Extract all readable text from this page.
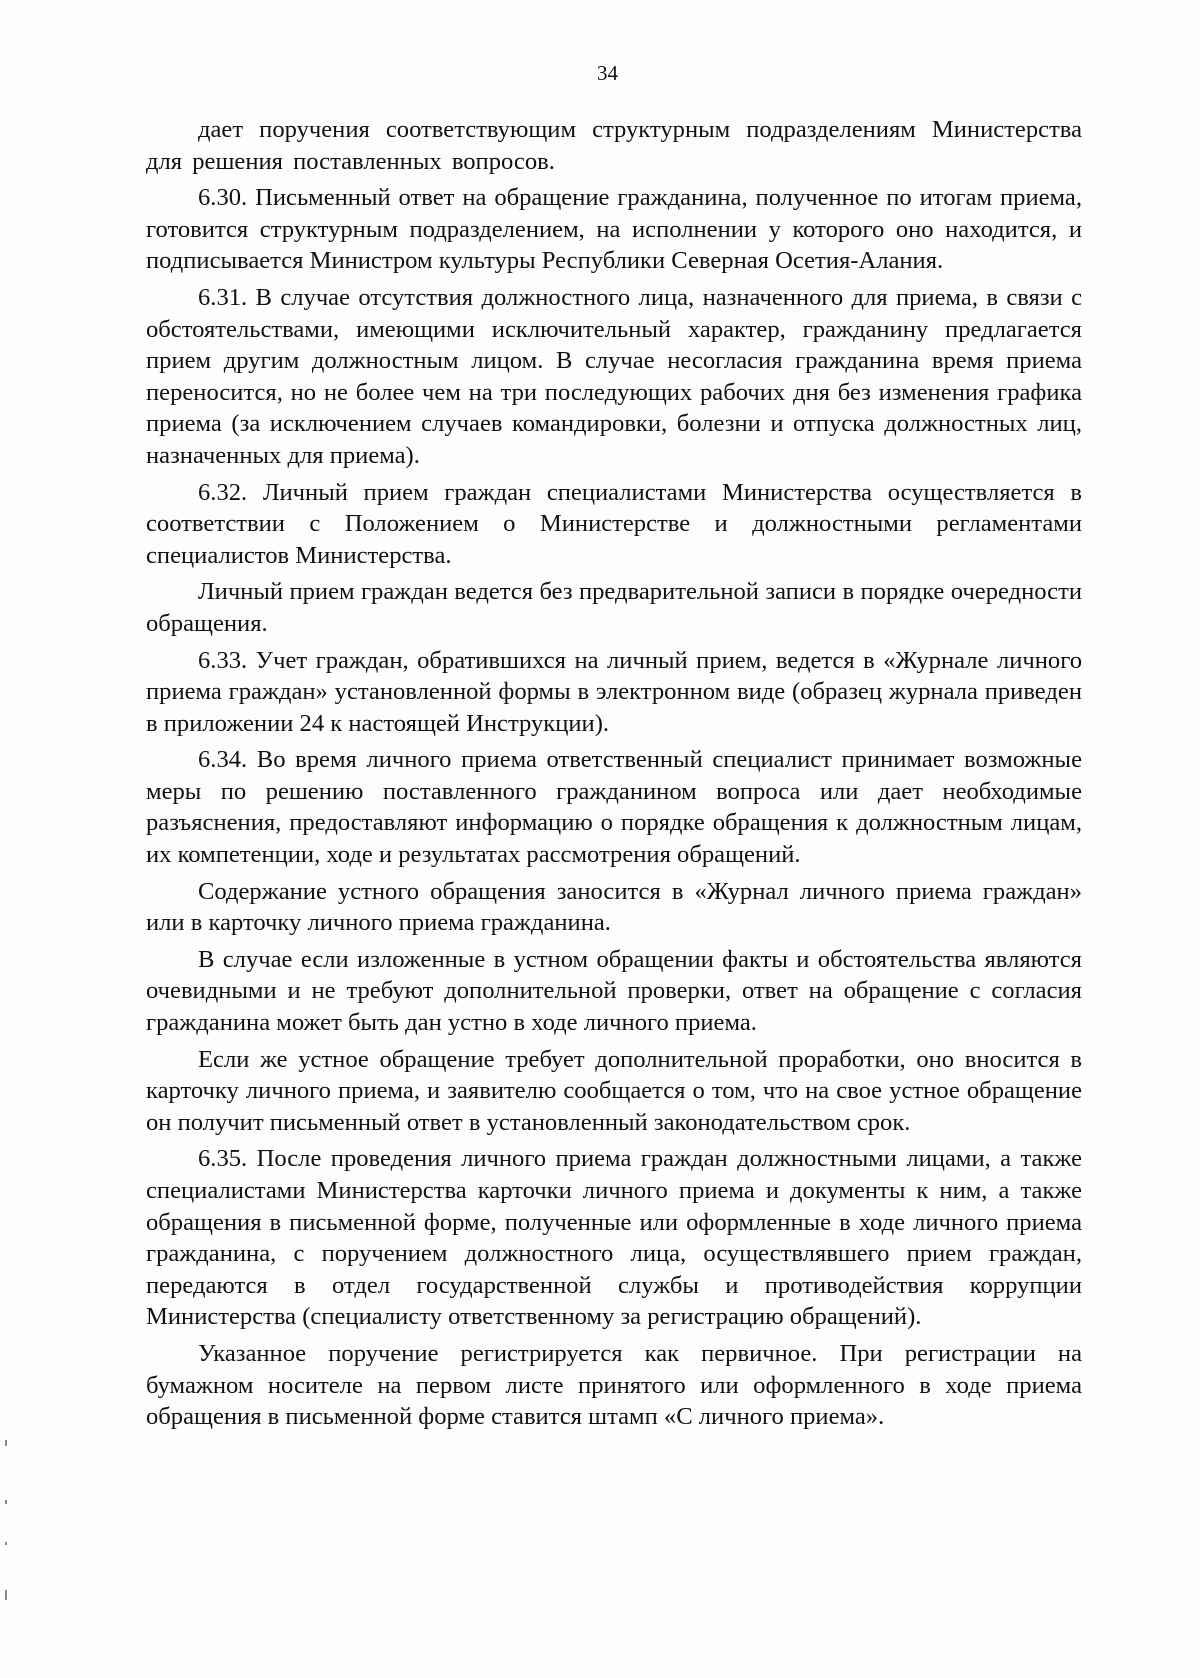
34

дает поручения соответствующим структурным подразделениям Министерства для решения поставленных вопросов.

6.30. Письменный ответ на обращение гражданина, полученное по итогам приема, готовится структурным подразделением, на исполнении у которого оно находится, и подписывается Министром культуры Республики Северная Осетия-Алания.

6.31. В случае отсутствия должностного лица, назначенного для приема, в связи с обстоятельствами, имеющими исключительный характер, гражданину предлагается прием другим должностным лицом. В случае несогласия гражданина время приема переносится, но не более чем на три последующих рабочих дня без изменения графика приема (за исключением случаев командировки, болезни и отпуска должностных лиц, назначенных для приема).

6.32. Личный прием граждан специалистами Министерства осуществляется в соответствии с Положением о Министерстве и должностными регламентами специалистов Министерства.

Личный прием граждан ведется без предварительной записи в порядке очередности обращения.

6.33. Учет граждан, обратившихся на личный прием, ведется в «Журнале личного приема граждан» установленной формы в электронном виде (образец журнала приведен в приложении 24 к настоящей Инструкции).

6.34. Во время личного приема ответственный специалист принимает возможные меры по решению поставленного гражданином вопроса или дает необходимые разъяснения, предоставляют информацию о порядке обращения к должностным лицам, их компетенции, ходе и результатах рассмотрения обращений.

Содержание устного обращения заносится в «Журнал личного приема граждан» или в карточку личного приема гражданина.

В случае если изложенные в устном обращении факты и обстоятельства являются очевидными и не требуют дополнительной проверки, ответ на обращение с согласия гражданина может быть дан устно в ходе личного приема.

Если же устное обращение требует дополнительной проработки, оно вносится в карточку личного приема, и заявителю сообщается о том, что на свое устное обращение он получит письменный ответ в установленный законодательством срок.

6.35. После проведения личного приема граждан должностными лицами, а также специалистами Министерства карточки личного приема и документы к ним, а также обращения в письменной форме, полученные или оформленные в ходе личного приема гражданина, с поручением должностного лица, осуществлявшего прием граждан, передаются в отдел государственной службы и противодействия коррупции Министерства (специалисту ответственному за регистрацию обращений).

Указанное поручение регистрируется как первичное. При регистрации на бумажном носителе на первом листе принятого или оформленного в ходе приема обращения в письменной форме ставится штамп «С личного приема».
